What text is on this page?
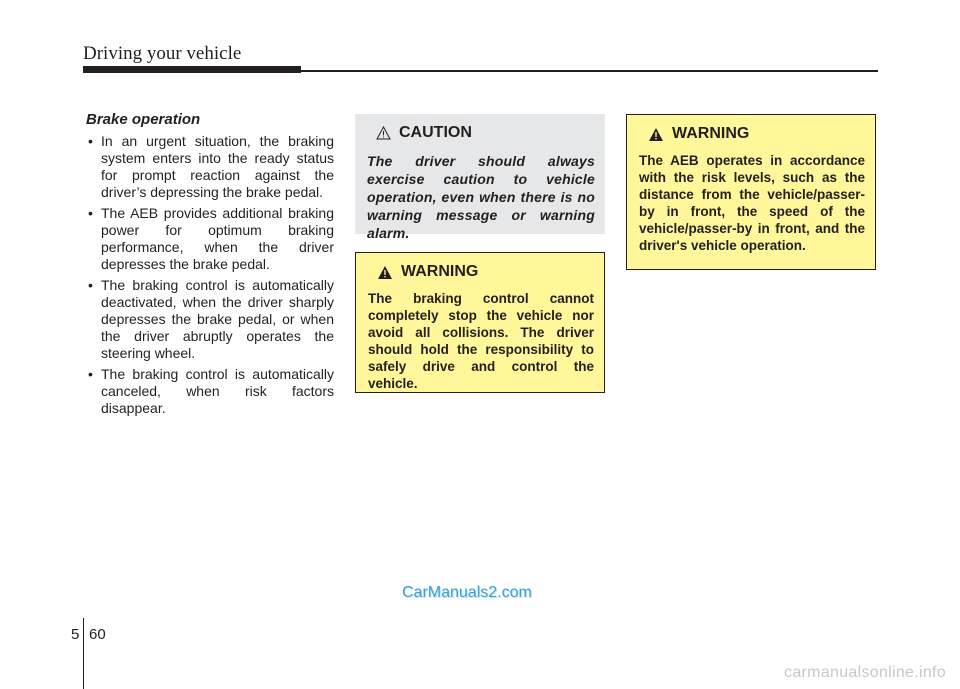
Driving your vehicle
Brake operation
• In an urgent situation, the braking system enters into the ready status for prompt reaction against the driver’s depressing the brake pedal.
• The AEB provides additional braking power for optimum braking performance, when the driver depresses the brake pedal.
• The braking control is automatically deactivated, when the driver sharply depresses the brake pedal, or when the driver abruptly operates the steering wheel.
• The braking control is automatically canceled, when risk factors disappear.
CAUTION
The driver should always exercise caution to vehicle operation, even when there is no warning message or warning alarm.
WARNING
The braking control cannot completely stop the vehicle nor avoid all collisions. The driver should hold the responsibility to safely drive and control the vehicle.
WARNING
The AEB operates in accordance with the risk levels, such as the distance from the vehicle/passer-by in front, the speed of the vehicle/passer-by in front, and the driver's vehicle operation.
CarManuals2.com
5 60
carmanualsonline.info
